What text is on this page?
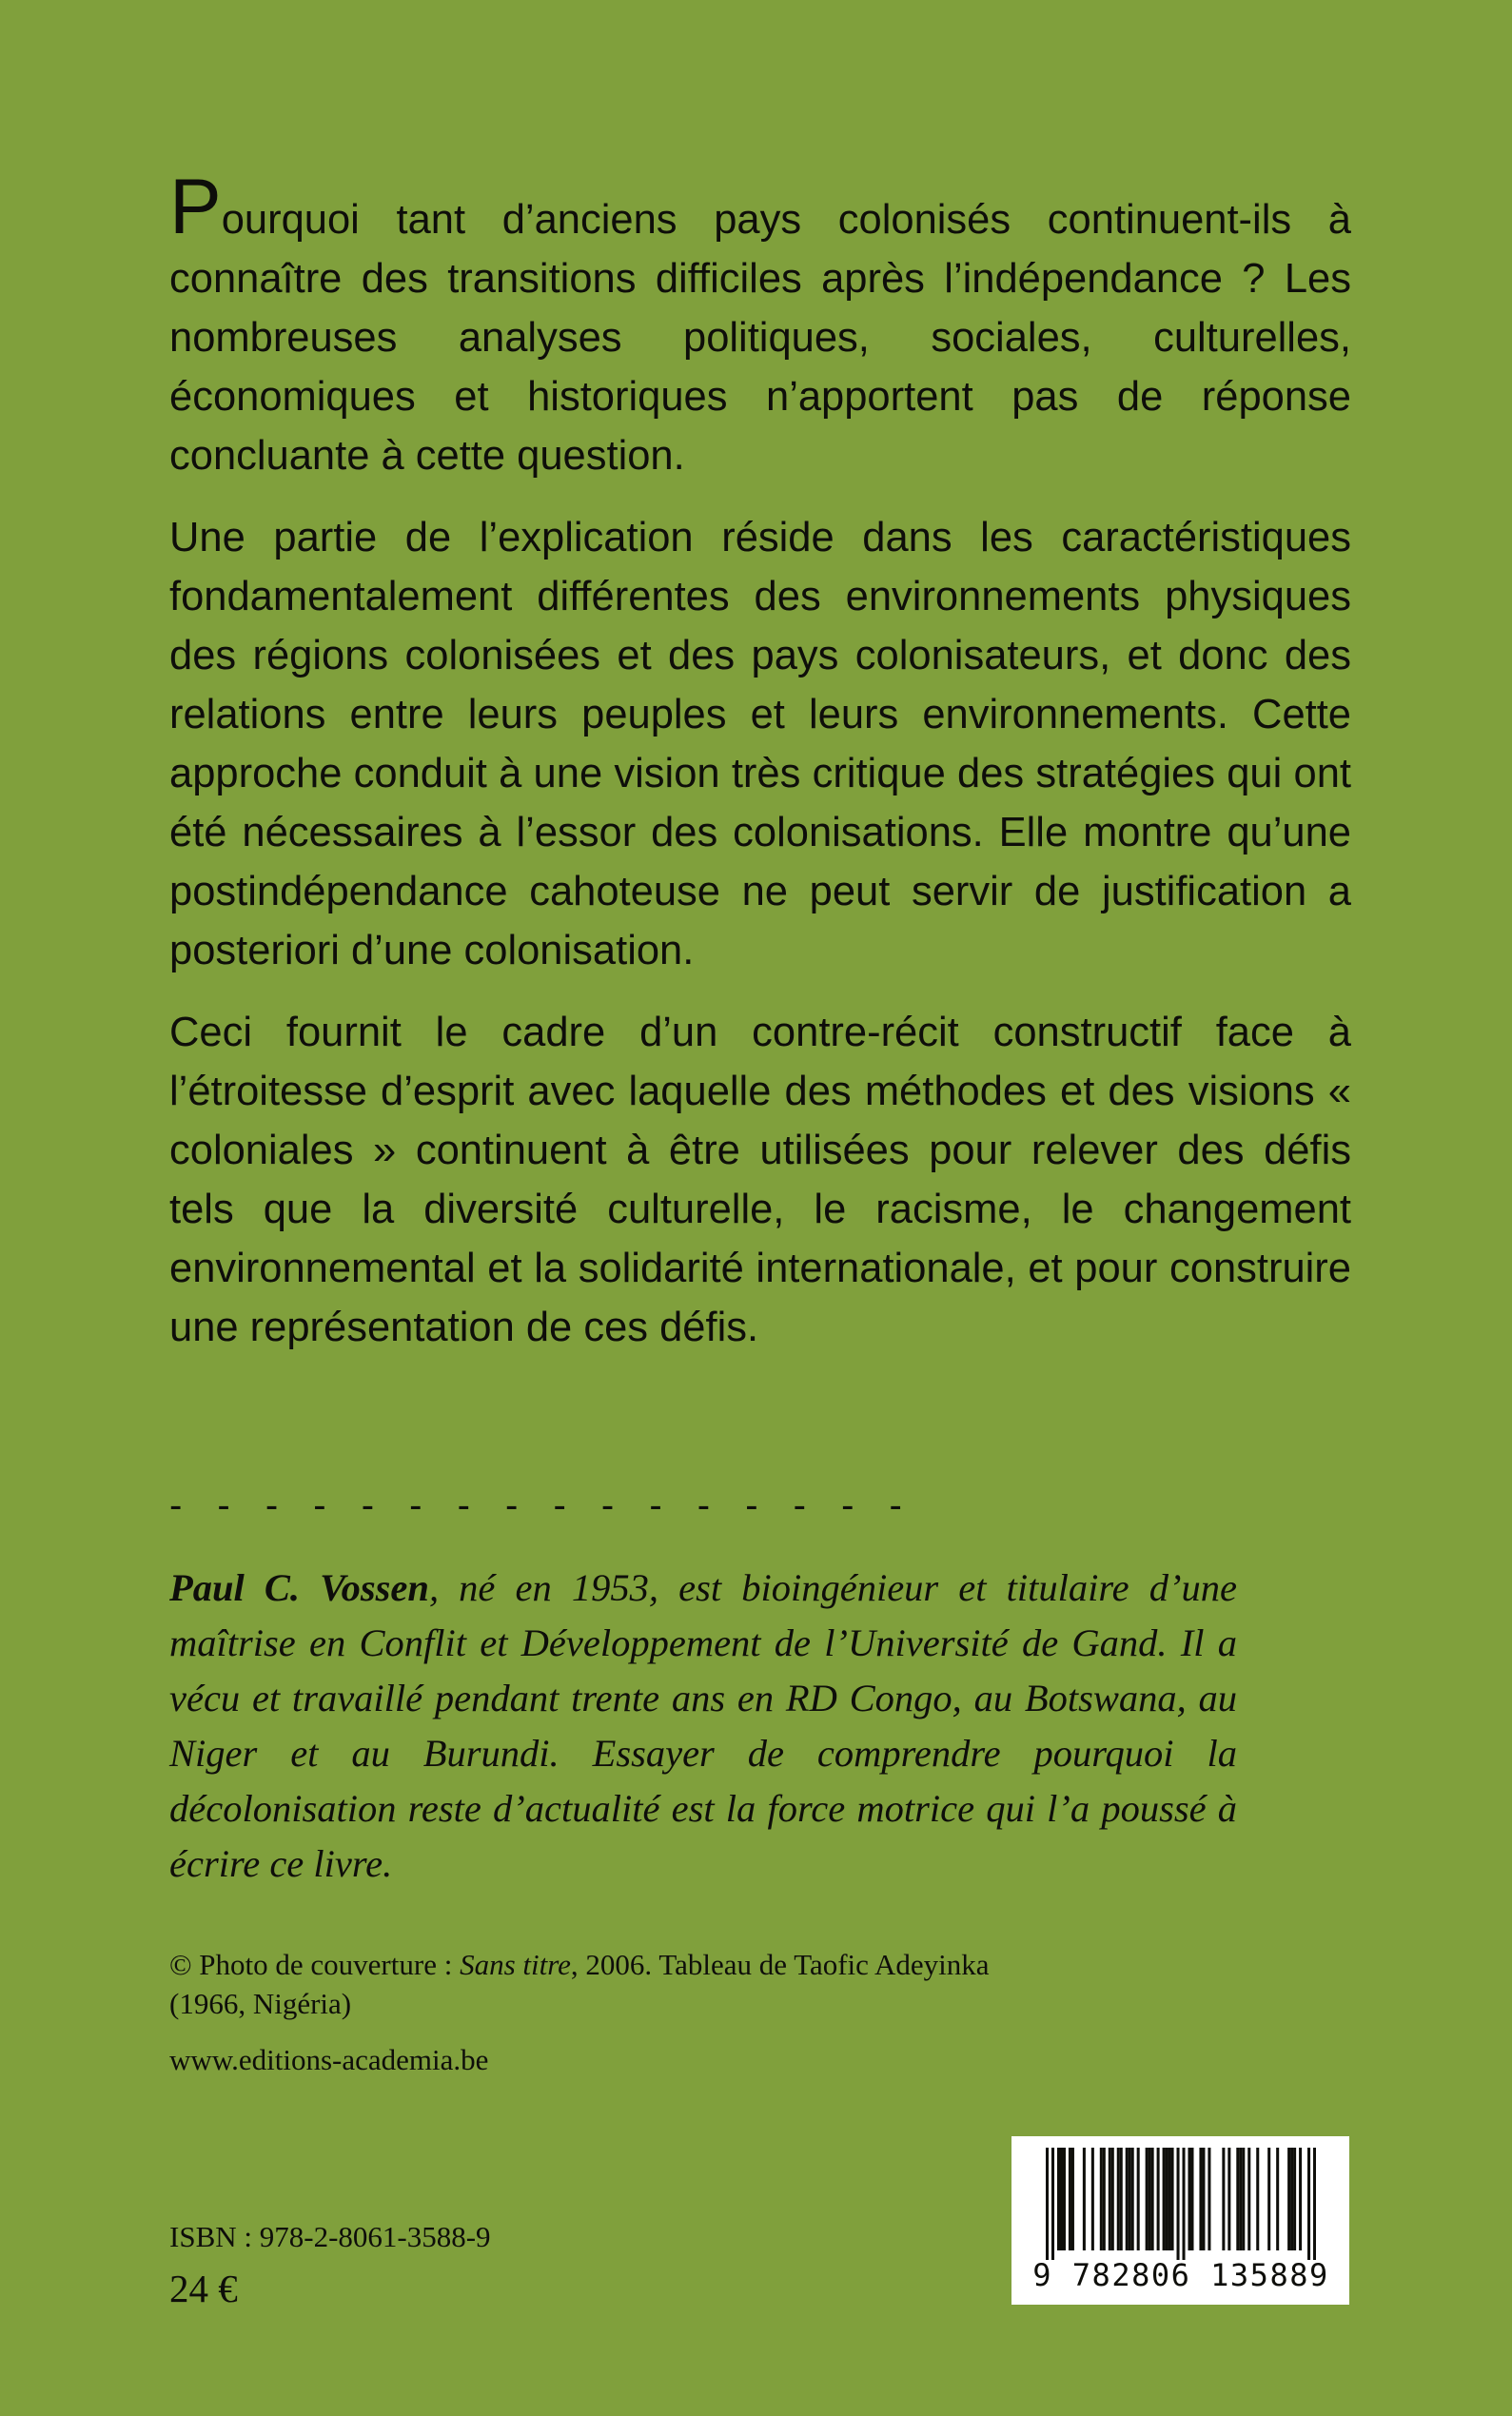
Pourquoi tant d’anciens pays colonisés continuent-ils à connaître des transitions difficiles après l’indépendance ? Les nombreuses analyses politiques, sociales, culturelles, économiques et historiques n’apportent pas de réponse concluante à cette question.

Une partie de l’explication réside dans les caractéristiques fondamentalement différentes des environnements physiques des régions colonisées et des pays colonisateurs, et donc des relations entre leurs peuples et leurs environnements. Cette approche conduit à une vision très critique des stratégies qui ont été nécessaires à l’essor des colonisations. Elle montre qu’une postindépendance cahoteuse ne peut servir de justification a posteriori d’une colonisation.

Ceci fournit le cadre d’un contre-récit constructif face à l’étroitesse d’esprit avec laquelle des méthodes et des visions « coloniales » continuent à être utilisées pour relever des défis tels que la diversité culturelle, le racisme, le changement environnemental et la solidarité internationale, et pour construire une représentation de ces défis.

- - - - - - - - - - - - - - - -
Paul C. Vossen, né en 1953, est bioingénieur et titulaire d’une maîtrise en Conflit et Développement de l’Université de Gand. Il a vécu et travaillé pendant trente ans en RD Congo, au Botswana, au Niger et au Burundi. Essayer de comprendre pourquoi la décolonisation reste d’actualité est la force motrice qui l’a poussé à écrire ce livre.
© Photo de couverture : Sans titre, 2006. Tableau de Taofic Adeyinka (1966, Nigéria)
www.editions-academia.be
ISBN : 978-2-8061-3588-9
24 €	9 782806 135889
